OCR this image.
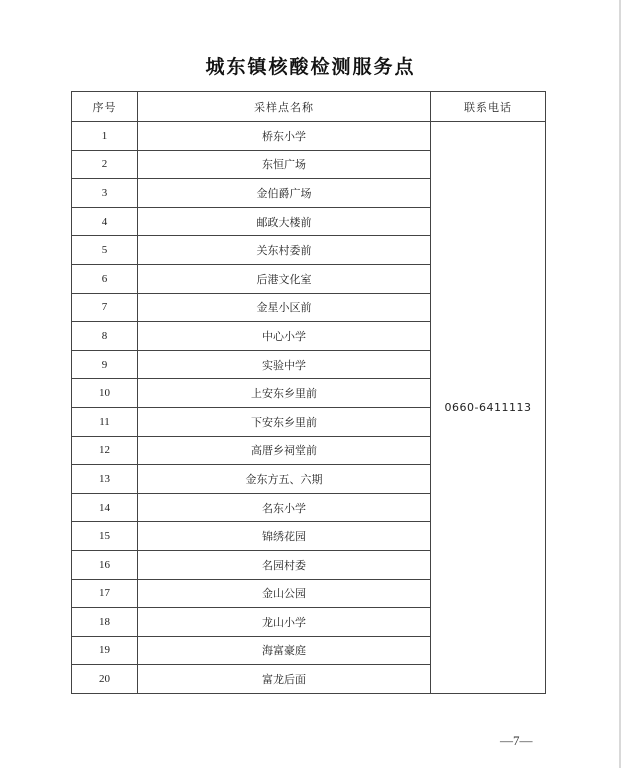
城东镇核酸检测服务点
序号	采样点名称	联系电话
1	桥东小学	0660-6411113
2	东恒广场	
3	金伯爵广场	
4	邮政大楼前	
5	关东村委前	
6	后港文化室	
7	金星小区前	
8	中心小学	
9	实验中学	
10	上安东乡里前	
11	下安东乡里前	
12	高厝乡祠堂前	
13	金东方五、六期	
14	名东小学	
15	锦绣花园	
16	名园村委	
17	金山公园	
18	龙山小学	
19	海富豪庭	
20	富龙后面	
—7—
